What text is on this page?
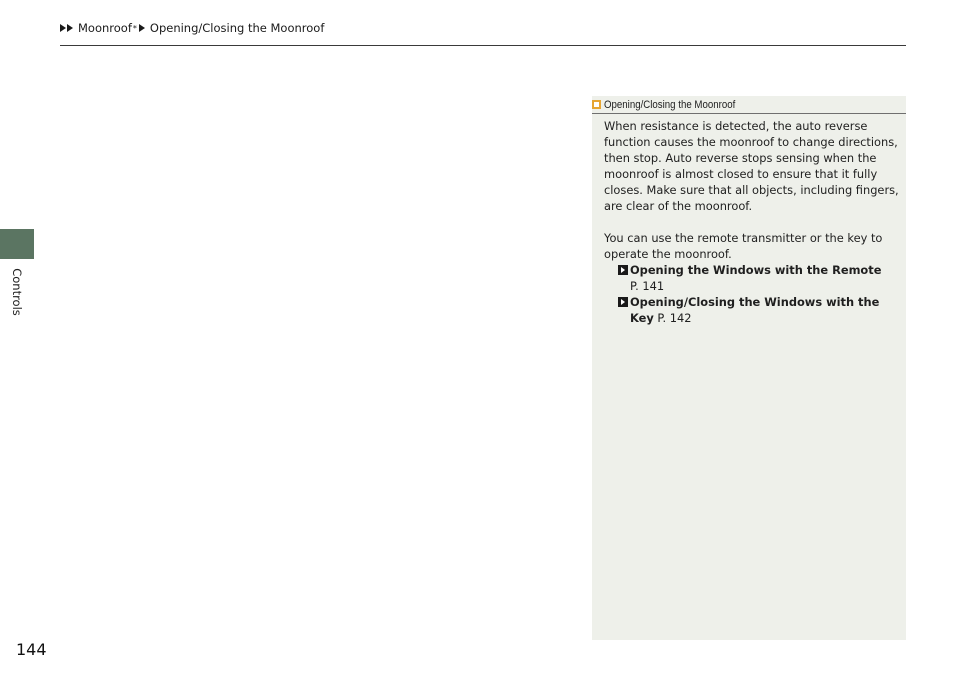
Moonroof * Opening/Closing the Moonroof
Controls
144
Opening/Closing the Moonroof

When resistance is detected, the auto reverse function causes the moonroof to change directions, then stop. Auto reverse stops sensing when the moonroof is almost closed to ensure that it fully closes. Make sure that all objects, including fingers, are clear of the moonroof.

You can use the remote transmitter or the key to operate the moonroof.

Opening the Windows with the Remote
P. 141
Opening/Closing the Windows with the Key P. 142
